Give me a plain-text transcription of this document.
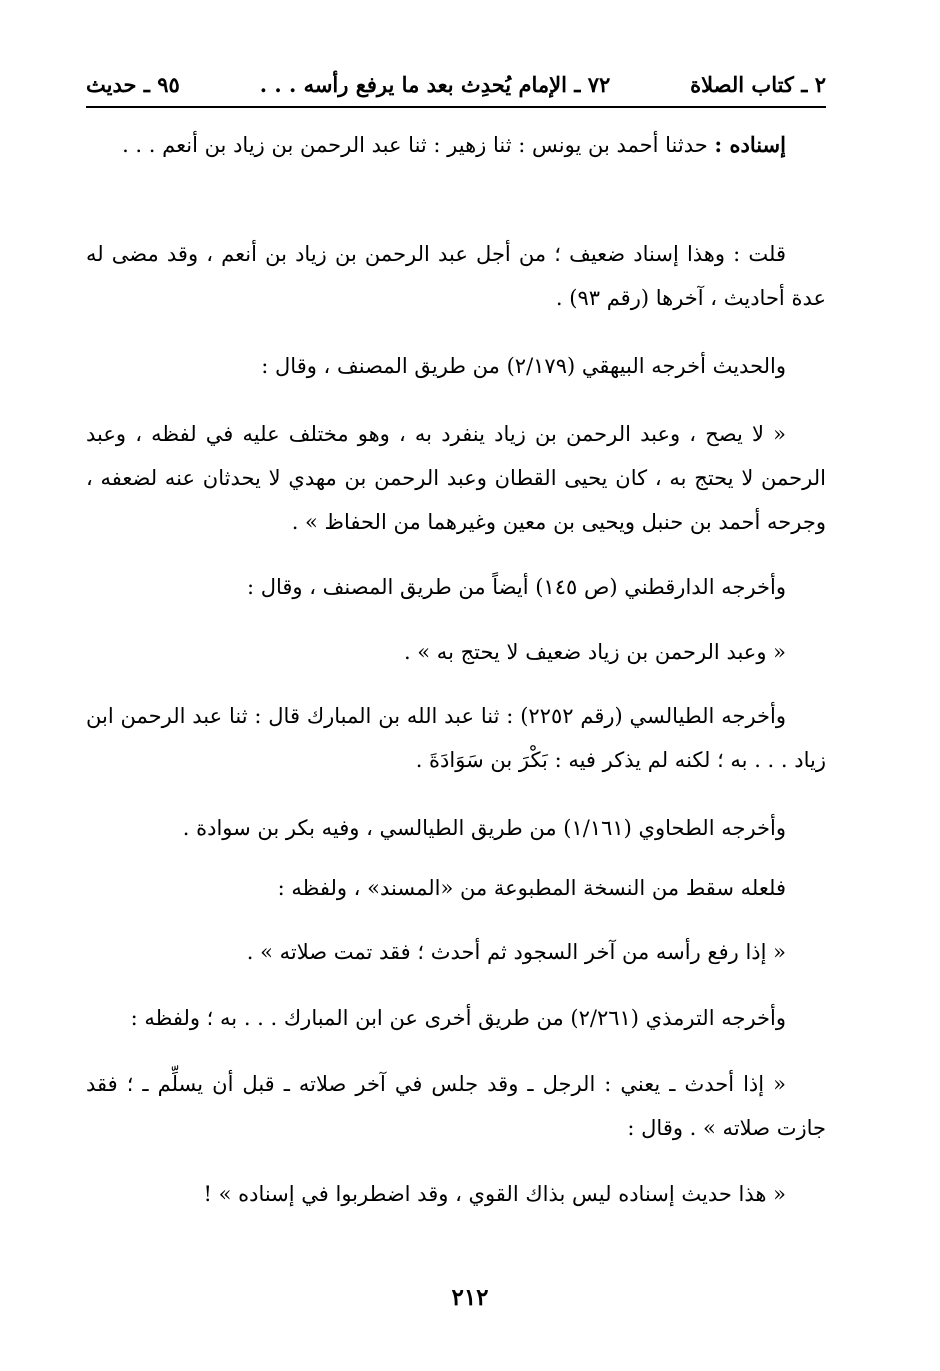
٢ ـ كتاب الصلاة
٧٢ ـ الإمام يُحدِث بعد ما يرفع رأسه . . .
٩٥ ـ حديث

إسناده : حدثنا أحمد بن يونس : ثنا زهير : ثنا عبد الرحمن بن زياد بن أنعم . . .

قلت : وهذا إسناد ضعيف ؛ من أجل عبد الرحمن بن زياد بن أنعم ، وقد مضى له عدة أحاديث ، آخرها (رقم ٩٣) .

والحديث أخرجه البيهقي (٢/١٧٩) من طريق المصنف ، وقال :

« لا يصح ، وعبد الرحمن بن زياد ينفرد به ، وهو مختلف عليه في لفظه ، وعبد الرحمن لا يحتج به ، كان يحيى القطان وعبد الرحمن بن مهدي لا يحدثان عنه لضعفه ، وجرحه أحمد بن حنبل ويحيى بن معين وغيرهما من الحفاظ » .

وأخرجه الدارقطني (ص ١٤٥) أيضاً من طريق المصنف ، وقال :

« وعبد الرحمن بن زياد ضعيف لا يحتج به » .

وأخرجه الطيالسي (رقم ٢٢٥٢) : ثنا عبد الله بن المبارك قال : ثنا عبد الرحمن ابن زياد . . . به ؛ لكنه لم يذكر فيه : بَكْرَ بن سَوَادَةَ .

وأخرجه الطحاوي (١/١٦١) من طريق الطيالسي ، وفيه بكر بن سوادة .

فلعله سقط من النسخة المطبوعة من «المسند» ، ولفظه :

« إذا رفع رأسه من آخر السجود ثم أحدث ؛ فقد تمت صلاته » .

وأخرجه الترمذي (٢/٢٦١) من طريق أخرى عن ابن المبارك . . . به ؛ ولفظه :

« إذا أحدث ـ يعني : الرجل ـ وقد جلس في آخر صلاته ـ قبل أن يسلِّم ـ ؛ فقد جازت صلاته » . وقال :

« هذا حديث إسناده ليس بذاك القوي ، وقد اضطربوا في إسناده » !

٢١٢
